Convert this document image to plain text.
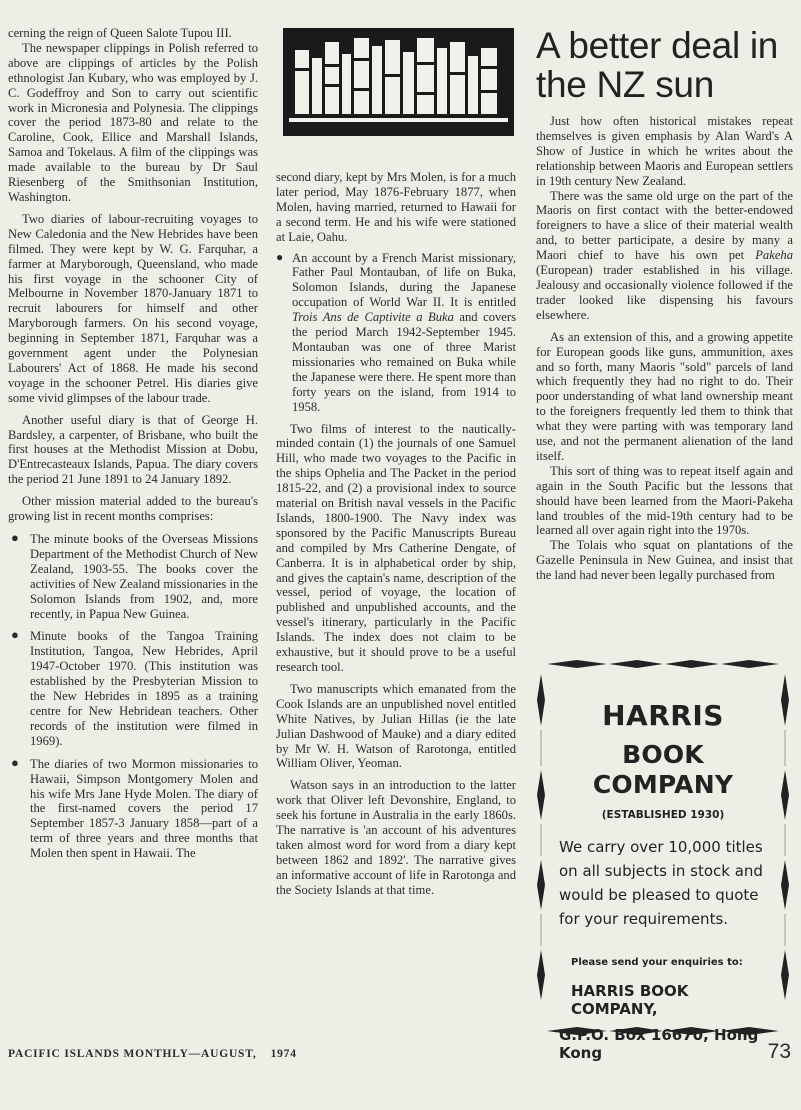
cerning the reign of Queen Salote Tupou III.

The newspaper clippings in Polish referred to above are clippings of articles by the Polish ethnologist Jan Kubary, who was employed by J. C. Godeffroy and Son to carry out scientific work in Micronesia and Polynesia. The clippings cover the period 1873-80 and relate to the Caroline, Cook, Ellice and Marshall Islands, Samoa and Tokelaus. A film of the clippings was made available to the bureau by Dr Saul Riesenberg of the Smithsonian Institution, Washington.

Two diaries of labour-recruiting voyages to New Caledonia and the New Hebrides have been filmed. They were kept by W. G. Farquhar, a farmer at Maryborough, Queensland, who made his first voyage in the schooner City of Melbourne in November 1870-January 1871 to recruit labourers for himself and other Maryborough farmers. On his second voyage, beginning in September 1871, Farquhar was a government agent under the Polynesian Labourers' Act of 1868. He made his second voyage in the schooner Petrel. His diaries give some vivid glimpses of the labour trade.

Another useful diary is that of George H. Bardsley, a carpenter, of Brisbane, who built the first houses at the Methodist Mission at Dobu, D'Entrecasteaux Islands, Papua. The diary covers the period 21 June 1891 to 24 January 1892.

Other mission material added to the bureau's growing list in recent months comprises:

● The minute books of the Overseas Missions Department of the Methodist Church of New Zealand, 1903-55. The books cover the activities of New Zealand missionaries in the Solomon Islands from 1902, and, more recently, in Papua New Guinea.
● Minute books of the Tangoa Training Institution, Tangoa, New Hebrides, April 1947-October 1970. (This institution was established by the Presbyterian Mission to the New Hebrides in 1895 as a training centre for New Hebridean teachers. Other records of the institution were filmed in 1969).
● The diaries of two Mormon missionaries to Hawaii, Simpson Montgomery Molen and his wife Mrs Jane Hyde Molen. The diary of the first-named covers the period 17 September 1857-3 January 1858—part of a term of three years and three months that Molen then spent in Hawaii. The

second diary, kept by Mrs Molen, is for a much later period, May 1876-February 1877, when Molen, having married, returned to Hawaii for a second term. He and his wife were stationed at Laie, Oahu.

● An account by a French Marist missionary, Father Paul Montauban, of life on Buka, Solomon Islands, during the Japanese occupation of World War II. It is entitled Trois Ans de Captivite a Buka and covers the period March 1942-September 1945. Montauban was one of three Marist missionaries who remained on Buka while the Japanese were there. He spent more than forty years on the island, from 1914 to 1958.

Two films of interest to the nautically-minded contain (1) the journals of one Samuel Hill, who made two voyages to the Pacific in the ships Ophelia and The Packet in the period 1815-22, and (2) a provisional index to source material on British naval vessels in the Pacific Islands, 1800-1900. The Navy index was sponsored by the Pacific Manuscripts Bureau and compiled by Mrs Catherine Dengate, of Canberra. It is in alphabetical order by ship, and gives the captain's name, description of the vessel, period of voyage, the location of published and unpublished accounts, and the vessel's itinerary, particularly in the Pacific Islands. The index does not claim to be exhaustive, but it should prove to be a useful research tool.

Two manuscripts which emanated from the Cook Islands are an unpublished novel entitled White Natives, by Julian Hillas (ie the late Julian Dashwood of Mauke) and a diary edited by Mr W. H. Watson of Rarotonga, entitled William Oliver, Yeoman.

Watson says in an introduction to the latter work that Oliver left Devonshire, England, to seek his fortune in Australia in the early 1860s. The narrative is 'an account of his adventures taken almost word for word from a diary kept between 1862 and 1892'. The narrative gives an informative account of life in Rarotonga and the Society Islands at that time.

A better deal in the NZ sun

Just how often historical mistakes repeat themselves is given emphasis by Alan Ward's A Show of Justice in which he writes about the relationship between Maoris and European settlers in 19th century New Zealand.

There was the same old urge on the part of the Maoris on first contact with the better-endowed foreigners to have a slice of their material wealth and, to better participate, a desire by many a Maori chief to have his own pet Pakeha (European) trader established in his village. Jealousy and occasionally violence followed if the trader looked like dispensing his favours elsewhere.

As an extension of this, and a growing appetite for European goods like guns, ammunition, axes and so forth, many Maoris "sold" parcels of land which frequently they had no right to do. Their poor understanding of what land ownership meant to the foreigners frequently led them to think that what they were parting with was temporary land use, and not the permanent alienation of the land itself.

This sort of thing was to repeat itself again and again in the South Pacific but the lessons that should have been learned from the Maori-Pakeha land troubles of the mid-19th century had to be learned all over again right into the 1970s.

The Tolais who squat on plantations of the Gazelle Peninsula in New Guinea, and insist that the land had never been legally purchased from

HARRIS
BOOK COMPANY
(ESTABLISHED 1930)
We carry over 10,000 titles on all subjects in stock and would be pleased to quote for your requirements.
Please send your enquiries to:
HARRIS BOOK COMPANY,
G.P.O. Box 16670, Hong Kong
PACIFIC ISLANDS MONTHLY—AUGUST, 1974	73
